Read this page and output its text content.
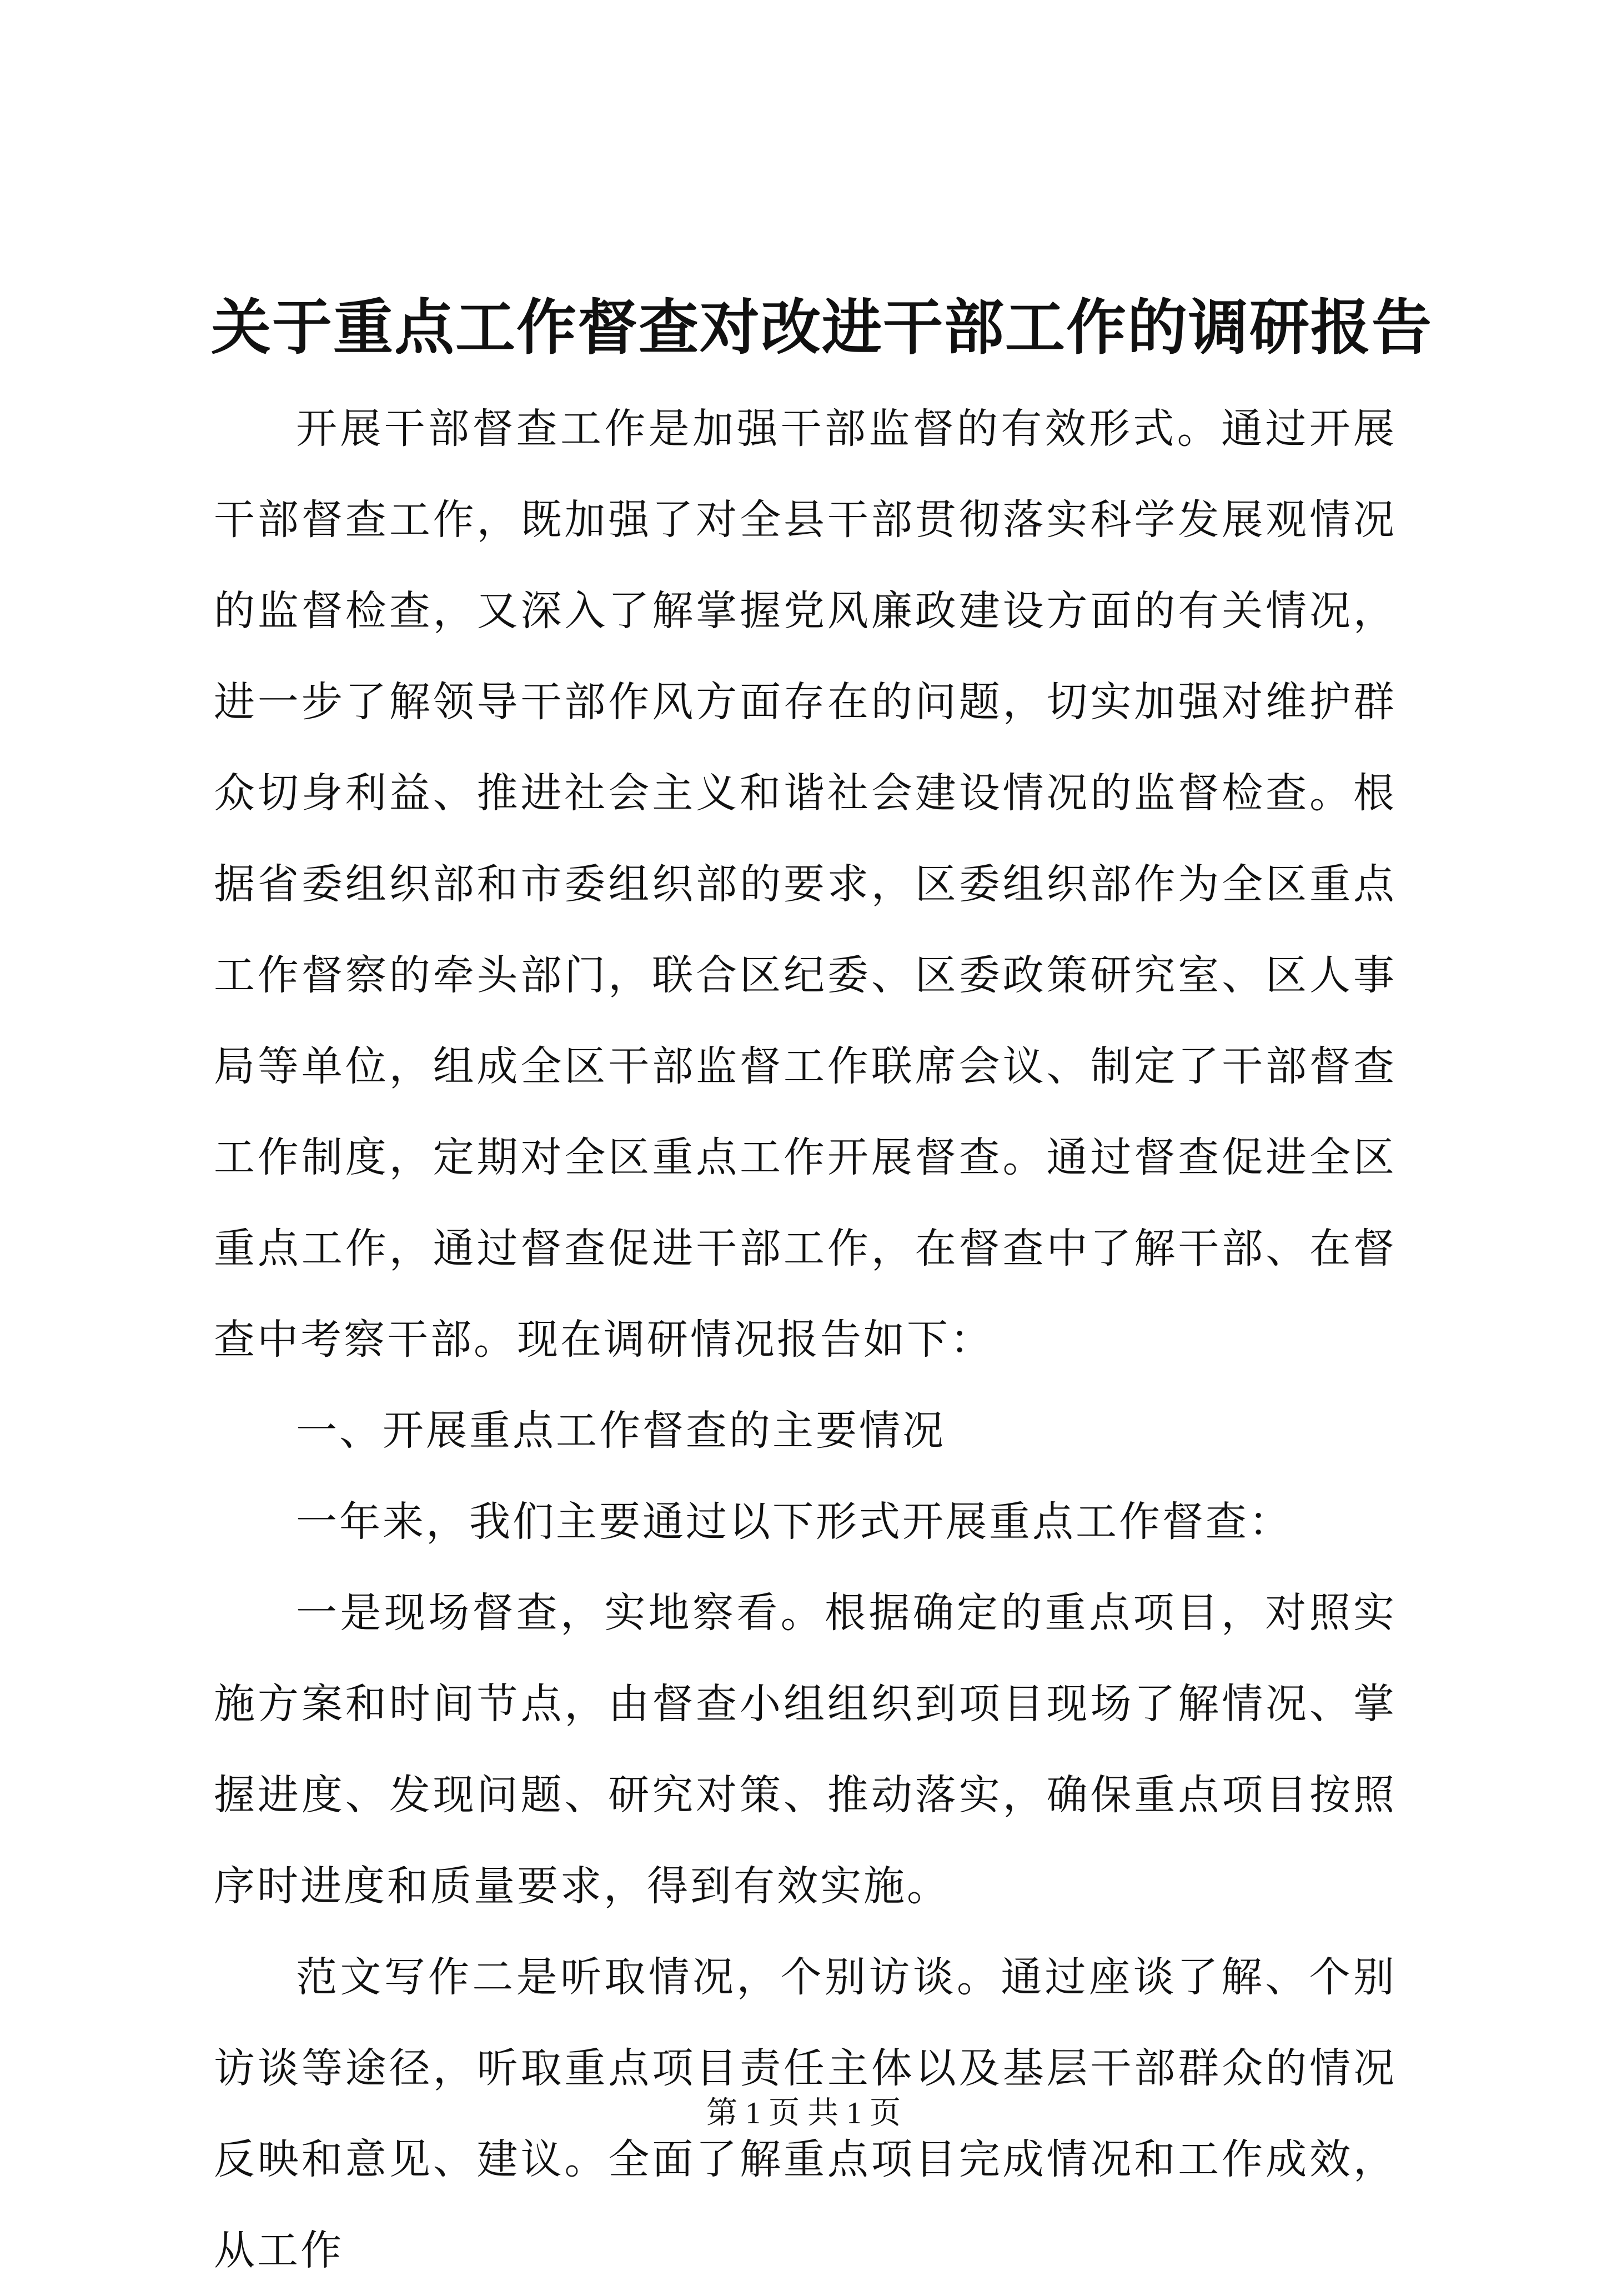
关于重点工作督查对改进干部工作的调研报告

开展干部督查工作是加强干部监督的有效形式。通过开展干部督查工作，既加强了对全县干部贯彻落实科学发展观情况的监督检查，又深入了解掌握党风廉政建设方面的有关情况，进一步了解领导干部作风方面存在的问题，切实加强对维护群众切身利益、推进社会主义和谐社会建设情况的监督检查。根据省委组织部和市委组织部的要求，区委组织部作为全区重点工作督察的牵头部门，联合区纪委、区委政策研究室、区人事局等单位，组成全区干部监督工作联席会议、制定了干部督查工作制度，定期对全区重点工作开展督查。通过督查促进全区重点工作，通过督查促进干部工作，在督查中了解干部、在督查中考察干部。现在调研情况报告如下：

一、开展重点工作督查的主要情况

一年来，我们主要通过以下形式开展重点工作督查：

一是现场督查，实地察看。根据确定的重点项目，对照实施方案和时间节点，由督查小组组织到项目现场了解情况、掌握进度、发现问题、研究对策、推动落实，确保重点项目按照序时进度和质量要求，得到有效实施。

范文写作二是听取情况，个别访谈。通过座谈了解、个别访谈等途径，听取重点项目责任主体以及基层干部群众的情况反映和意见、建议。全面了解重点项目完成情况和工作成效，从工作

第 1 页 共 1 页
